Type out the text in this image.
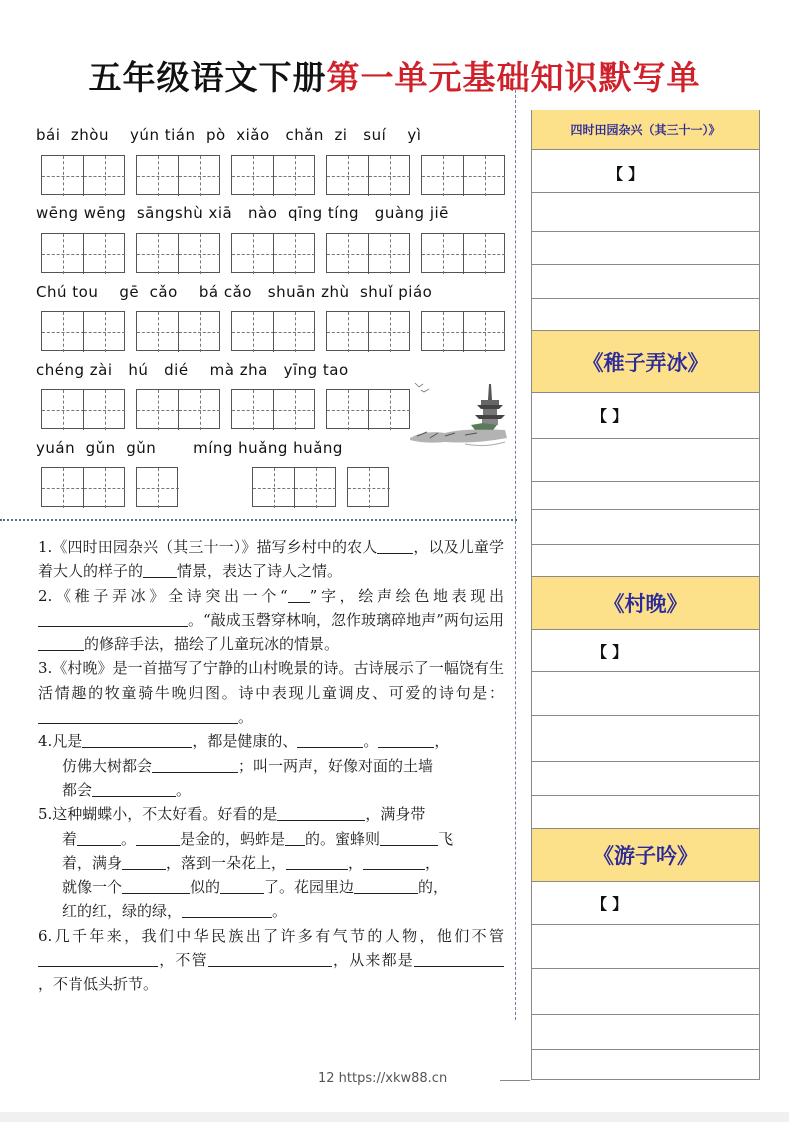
五年级语文下册第一单元基础知识默写单
bái  zhòu    yún tián  pò  xiǎo   chǎn  zi   suí    yì
wēng wēng  sāngshù xiā   nào  qīng tíng   guàng jiē
Chú tou    gē  cǎo    bá cǎo   shuān zhù  shuǐ piáo
chéng zài   hú   dié    mà zha   yīng tao
yuán  gǔn  gǔn       míng huǎng huǎng

1.《四时田园杂兴（其三十一）》描写乡村中的农人 ，以及儿童学着大人的样子的 情景，表达了诗人之情。

2.《稚子弄冰》全诗突出一个“ ”字，绘声绘色地表现出。“敲成玉磬穿林响，忽作玻璃碎地声”两句运用的修辞手法，描绘了儿童玩冰的情景。

3.《村晚》是一首描写了宁静的山村晚景的诗。古诗展示了一幅饶有生活情趣的牧童骑牛晚归图。诗中表现儿童调皮、可爱的诗句是：。

4.凡是	，都是健康的、	。	，
仿佛大树都会	；叫一两声，好像对面的土墙
都会	。

5.这种蝴蝶小，不太好看。好看的是	，满身带
着	。	是金的，蚂蚱是 的。蜜蜂则	飞
着，满身	，落到一朵花上，	，	，
就像一个	似的	了。花园里边	的，
红的红，绿的绿，	。

6.几千年来，我们中华民族出了许多有气节的人物，他们不管，不管	，从来都是，不肯低头折节。

四时田园杂兴（其三十一）》
【 】
《稚子弄冰》
【 】
《村晚》
【 】
《游子吟》
【 】
12 https://xkw88.cn
